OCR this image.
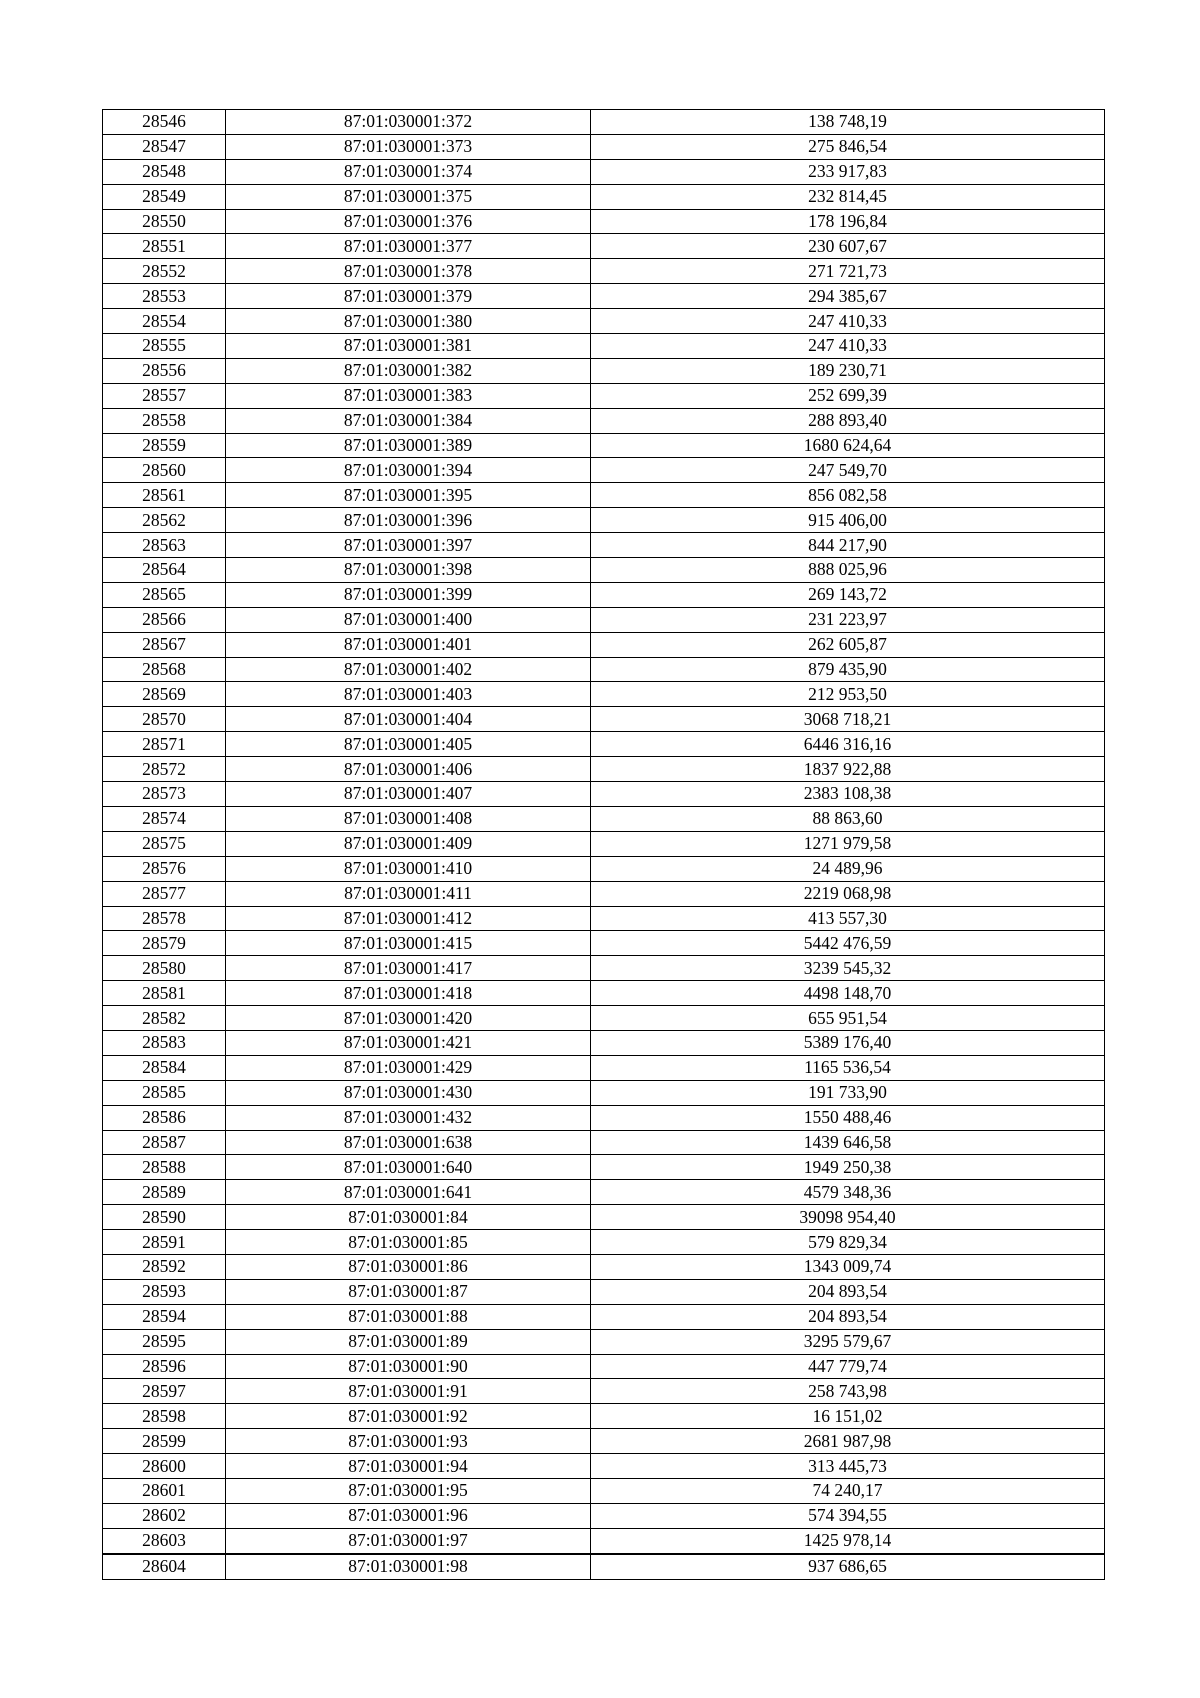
28546	87:01:030001:372	138 748,19
28547	87:01:030001:373	275 846,54
28548	87:01:030001:374	233 917,83
28549	87:01:030001:375	232 814,45
28550	87:01:030001:376	178 196,84
28551	87:01:030001:377	230 607,67
28552	87:01:030001:378	271 721,73
28553	87:01:030001:379	294 385,67
28554	87:01:030001:380	247 410,33
28555	87:01:030001:381	247 410,33
28556	87:01:030001:382	189 230,71
28557	87:01:030001:383	252 699,39
28558	87:01:030001:384	288 893,40
28559	87:01:030001:389	1680 624,64
28560	87:01:030001:394	247 549,70
28561	87:01:030001:395	856 082,58
28562	87:01:030001:396	915 406,00
28563	87:01:030001:397	844 217,90
28564	87:01:030001:398	888 025,96
28565	87:01:030001:399	269 143,72
28566	87:01:030001:400	231 223,97
28567	87:01:030001:401	262 605,87
28568	87:01:030001:402	879 435,90
28569	87:01:030001:403	212 953,50
28570	87:01:030001:404	3068 718,21
28571	87:01:030001:405	6446 316,16
28572	87:01:030001:406	1837 922,88
28573	87:01:030001:407	2383 108,38
28574	87:01:030001:408	88 863,60
28575	87:01:030001:409	1271 979,58
28576	87:01:030001:410	24 489,96
28577	87:01:030001:411	2219 068,98
28578	87:01:030001:412	413 557,30
28579	87:01:030001:415	5442 476,59
28580	87:01:030001:417	3239 545,32
28581	87:01:030001:418	4498 148,70
28582	87:01:030001:420	655 951,54
28583	87:01:030001:421	5389 176,40
28584	87:01:030001:429	1165 536,54
28585	87:01:030001:430	191 733,90
28586	87:01:030001:432	1550 488,46
28587	87:01:030001:638	1439 646,58
28588	87:01:030001:640	1949 250,38
28589	87:01:030001:641	4579 348,36
28590	87:01:030001:84	39098 954,40
28591	87:01:030001:85	579 829,34
28592	87:01:030001:86	1343 009,74
28593	87:01:030001:87	204 893,54
28594	87:01:030001:88	204 893,54
28595	87:01:030001:89	3295 579,67
28596	87:01:030001:90	447 779,74
28597	87:01:030001:91	258 743,98
28598	87:01:030001:92	16 151,02
28599	87:01:030001:93	2681 987,98
28600	87:01:030001:94	313 445,73
28601	87:01:030001:95	74 240,17
28602	87:01:030001:96	574 394,55
28603	87:01:030001:97	1425 978,14
28604	87:01:030001:98	937 686,65
